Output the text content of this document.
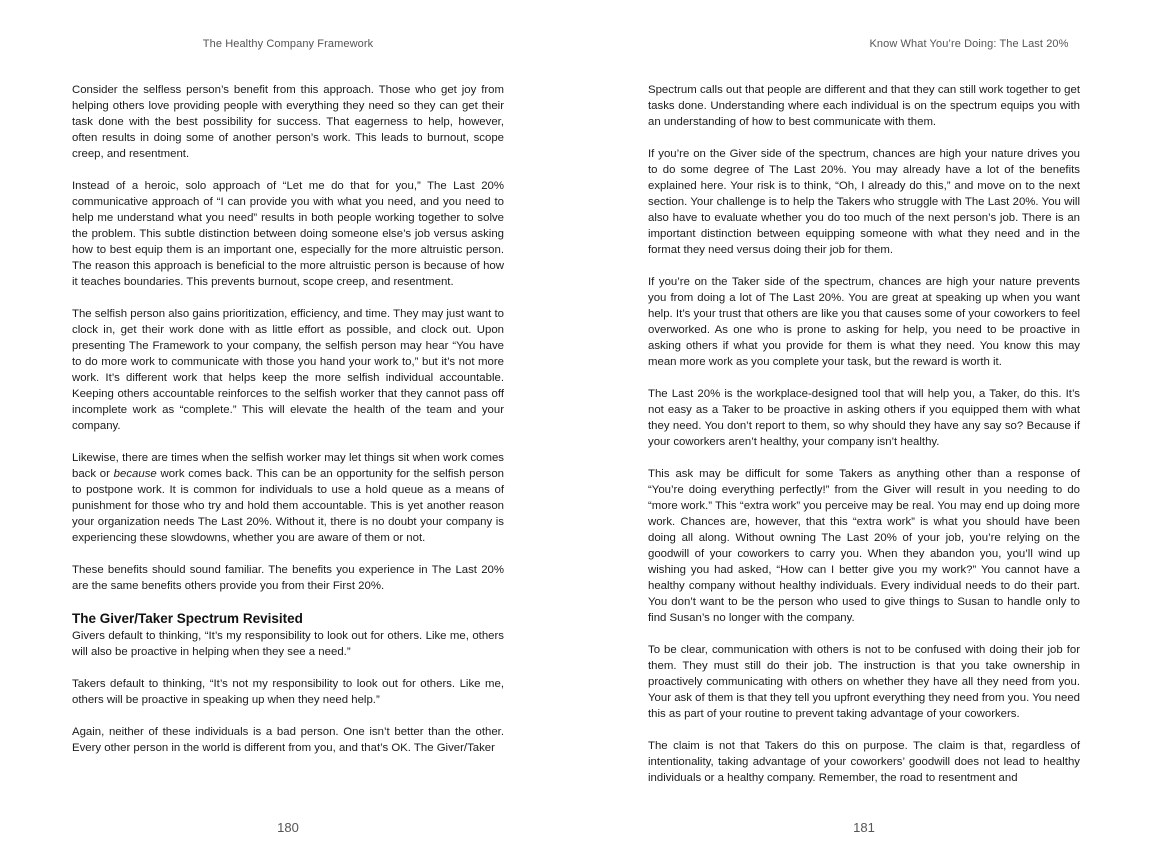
The Healthy Company Framework

Consider the selfless person’s benefit from this approach. Those who get joy from helping others love providing people with everything they need so they can get their task done with the best possibility for success. That eagerness to help, however, often results in doing some of another person’s work. This leads to burnout, scope creep, and resentment.

Instead of a heroic, solo approach of “Let me do that for you,” The Last 20% communicative approach of “I can provide you with what you need, and you need to help me understand what you need” results in both people working together to solve the problem. This subtle distinction between doing someone else’s job versus asking how to best equip them is an important one, especially for the more altruistic person. The reason this approach is beneficial to the more altruistic person is because of how it teaches boundaries. This prevents burnout, scope creep, and resentment.

The selfish person also gains prioritization, efficiency, and time. They may just want to clock in, get their work done with as little effort as possible, and clock out. Upon presenting The Framework to your company, the selfish person may hear “You have to do more work to communicate with those you hand your work to,” but it’s not more work. It’s different work that helps keep the more selfish individual accountable. Keeping others accountable reinforces to the selfish worker that they cannot pass off incomplete work as “complete.” This will elevate the health of the team and your company.

Likewise, there are times when the selfish worker may let things sit when work comes back or because work comes back. This can be an opportunity for the selfish person to postpone work. It is common for individuals to use a hold queue as a means of punishment for those who try and hold them accountable. This is yet another reason your organization needs The Last 20%. Without it, there is no doubt your company is experiencing these slowdowns, whether you are aware of them or not.

These benefits should sound familiar. The benefits you experience in The Last 20% are the same benefits others provide you from their First 20%.

The Giver/Taker Spectrum Revisited

Givers default to thinking, “It’s my responsibility to look out for others. Like me, others will also be proactive in helping when they see a need.”

Takers default to thinking, “It’s not my responsibility to look out for others. Like me, others will be proactive in speaking up when they need help.”

Again, neither of these individuals is a bad person. One isn’t better than the other. Every other person in the world is different from you, and that’s OK. The Giver/Taker

180
Know What You’re Doing: The Last 20%

Spectrum calls out that people are different and that they can still work together to get tasks done. Understanding where each individual is on the spectrum equips you with an understanding of how to best communicate with them.

If you’re on the Giver side of the spectrum, chances are high your nature drives you to do some degree of The Last 20%. You may already have a lot of the benefits explained here. Your risk is to think, “Oh, I already do this,” and move on to the next section. Your challenge is to help the Takers who struggle with The Last 20%. You will also have to evaluate whether you do too much of the next person’s job. There is an important distinction between equipping someone with what they need and in the format they need versus doing their job for them.

If you’re on the Taker side of the spectrum, chances are high your nature prevents you from doing a lot of The Last 20%. You are great at speaking up when you want help. It’s your trust that others are like you that causes some of your coworkers to feel overworked. As one who is prone to asking for help, you need to be proactive in asking others if what you provide for them is what they need. You know this may mean more work as you complete your task, but the reward is worth it.

The Last 20% is the workplace-designed tool that will help you, a Taker, do this. It’s not easy as a Taker to be proactive in asking others if you equipped them with what they need. You don’t report to them, so why should they have any say so? Because if your coworkers aren’t healthy, your company isn’t healthy.

This ask may be difficult for some Takers as anything other than a response of “You’re doing everything perfectly!” from the Giver will result in you needing to do “more work.” This “extra work” you perceive may be real. You may end up doing more work. Chances are, however, that this “extra work” is what you should have been doing all along. Without owning The Last 20% of your job, you’re relying on the goodwill of your coworkers to carry you. When they abandon you, you’ll wind up wishing you had asked, “How can I better give you my work?” You cannot have a healthy company without healthy individuals. Every individual needs to do their part. You don’t want to be the person who used to give things to Susan to handle only to find Susan’s no longer with the company.

To be clear, communication with others is not to be confused with doing their job for them. They must still do their job. The instruction is that you take ownership in proactively communicating with others on whether they have all they need from you. Your ask of them is that they tell you upfront everything they need from you. You need this as part of your routine to prevent taking advantage of your coworkers.

The claim is not that Takers do this on purpose. The claim is that, regardless of intentionality, taking advantage of your coworkers’ goodwill does not lead to healthy individuals or a healthy company. Remember, the road to resentment and

181
